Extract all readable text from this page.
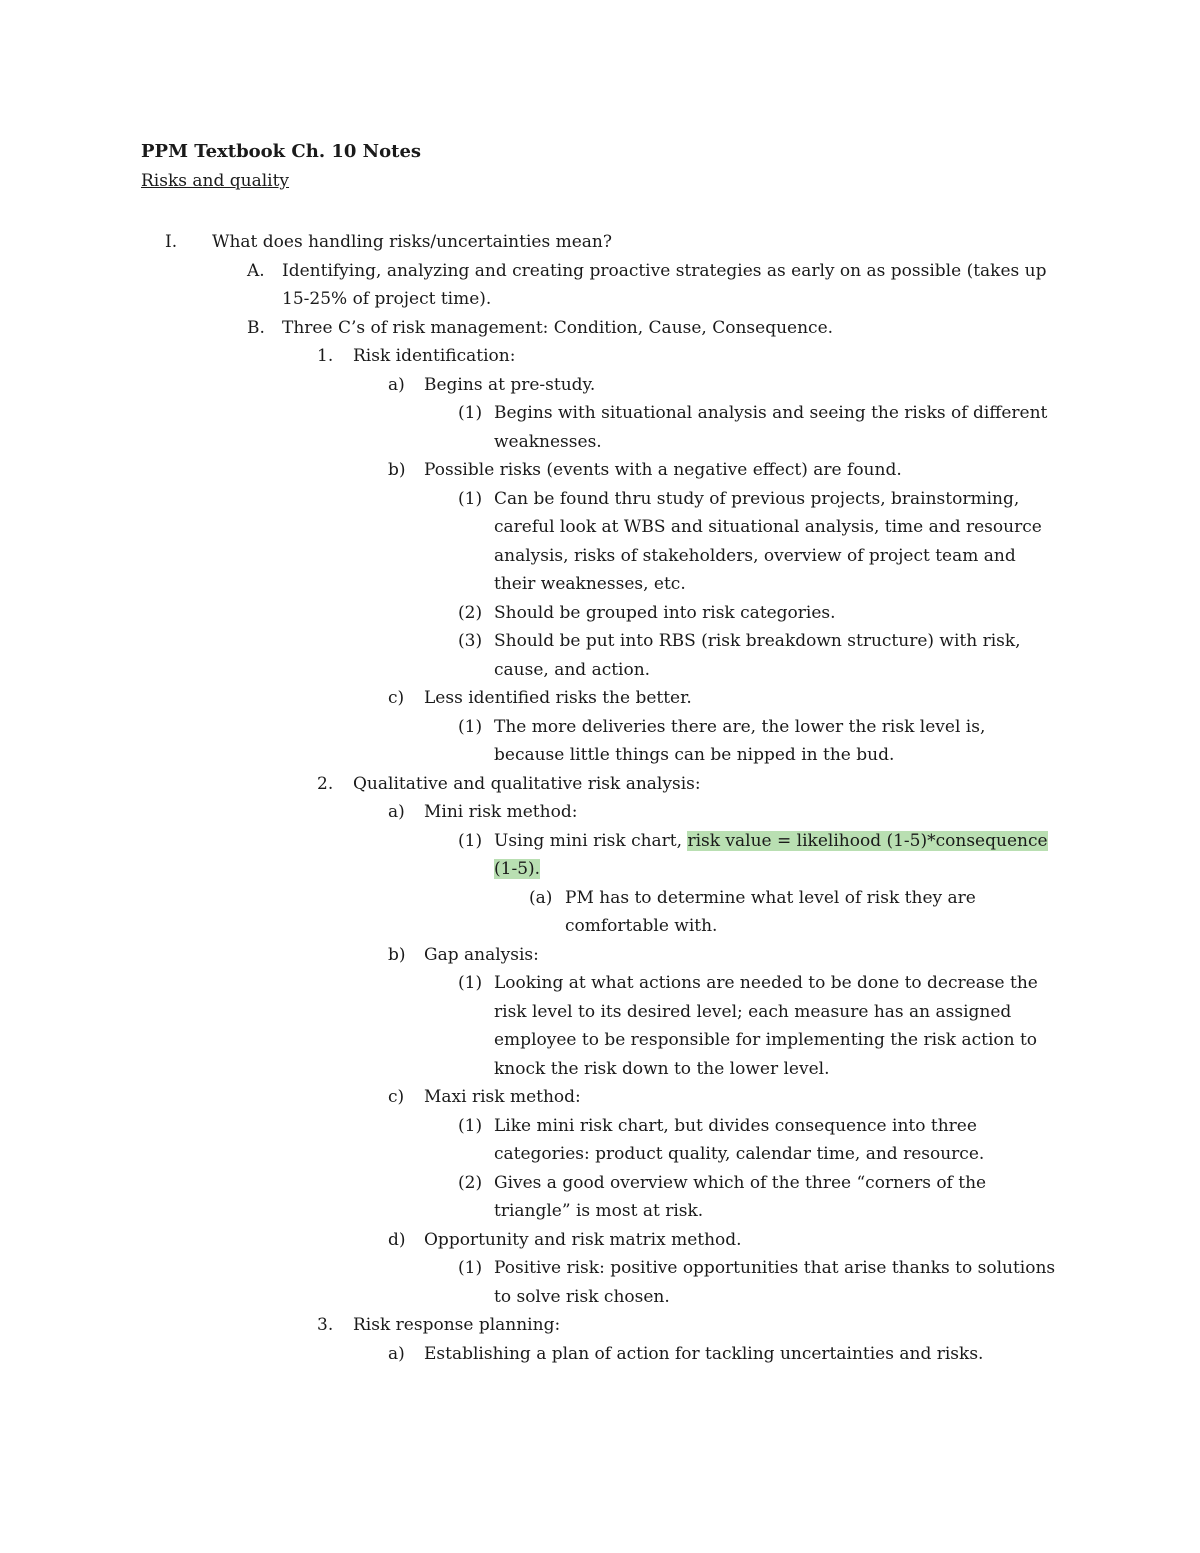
PPM Textbook Ch. 10 Notes
Risks and quality
I. What does handling risks/uncertainties mean?
A. Identifying, analyzing and creating proactive strategies as early on as possible (takes up 15-25% of project time).
B. Three C’s of risk management: Condition, Cause, Consequence.
1. Risk identification:
a) Begins at pre-study.
(1) Begins with situational analysis and seeing the risks of different weaknesses.
b) Possible risks (events with a negative effect) are found.
(1) Can be found thru study of previous projects, brainstorming, careful look at WBS and situational analysis, time and resource analysis, risks of stakeholders, overview of project team and their weaknesses, etc.
(2) Should be grouped into risk categories.
(3) Should be put into RBS (risk breakdown structure) with risk, cause, and action.
c) Less identified risks the better.
(1) The more deliveries there are, the lower the risk level is, because little things can be nipped in the bud.
2. Qualitative and qualitative risk analysis:
a) Mini risk method:
(1) Using mini risk chart, risk value = likelihood (1-5)*consequence (1-5).
(a) PM has to determine what level of risk they are comfortable with.
b) Gap analysis:
(1) Looking at what actions are needed to be done to decrease the risk level to its desired level; each measure has an assigned employee to be responsible for implementing the risk action to knock the risk down to the lower level.
c) Maxi risk method:
(1) Like mini risk chart, but divides consequence into three categories: product quality, calendar time, and resource.
(2) Gives a good overview which of the three “corners of the triangle” is most at risk.
d) Opportunity and risk matrix method.
(1) Positive risk: positive opportunities that arise thanks to solutions to solve risk chosen.
3. Risk response planning:
a) Establishing a plan of action for tackling uncertainties and risks.
